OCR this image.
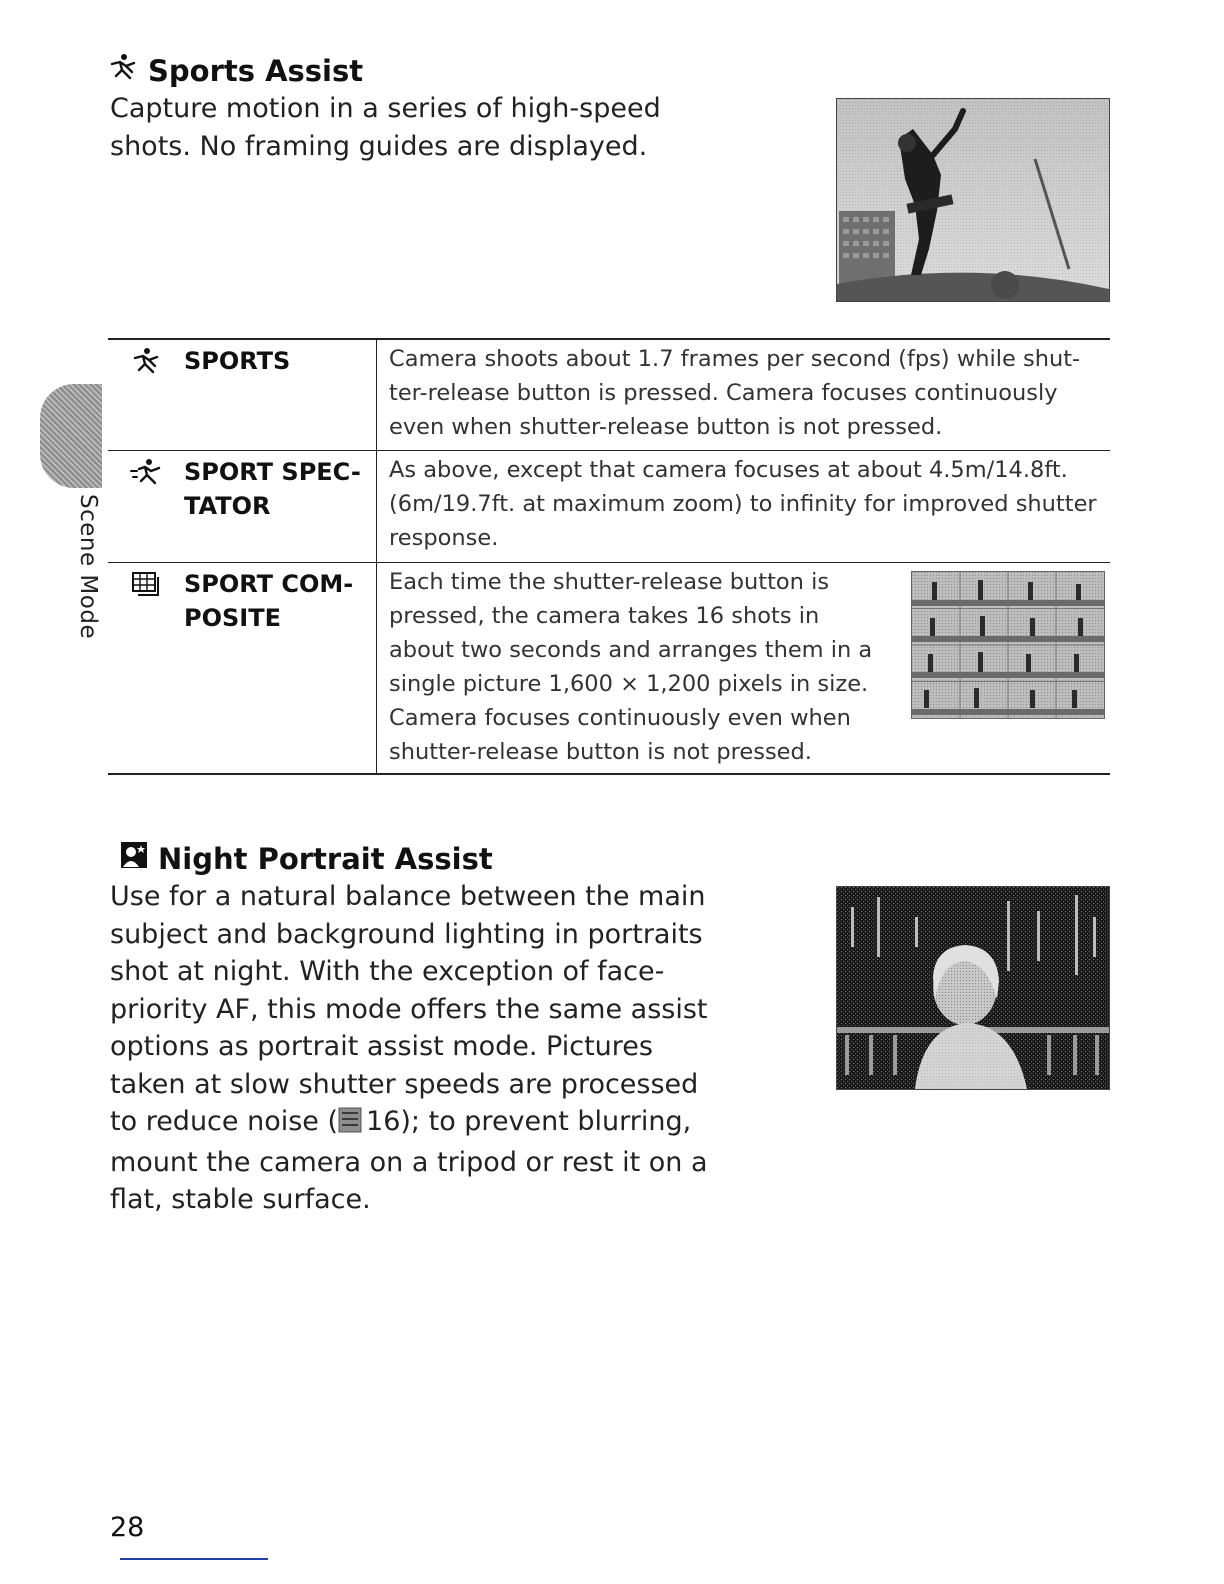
Sports Assist

Capture motion in a series of high-speed shots. No framing guides are displayed.

SPORTS	Camera shoots about 1.7 frames per second (fps) while shut-ter-release button is pressed. Camera focuses continuously even when shutter-release button is not pressed.
SPORT SPEC-TATOR
As above, except that camera focuses at about 4.5m/14.8ft. (6m/19.7ft. at maximum zoom) to infinity for improved shutter response.
SPORT COM-POSITE
Each time the shutter-release button is pressed, the camera takes 16 shots in about two seconds and arranges them in a single picture 1,600 × 1,200 pixels in size. Camera focuses continuously even when shutter-release button is not pressed.
Night Portrait Assist

Use for a natural balance between the main subject and background lighting in portraits shot at night. With the exception of face-priority AF, this mode offers the same assist options as portrait assist mode. Pictures taken at slow shutter speeds are processed to reduce noise ( 16); to prevent blurring, mount the camera on a tripod or rest it on a flat, stable surface.

Scene Mode
28
